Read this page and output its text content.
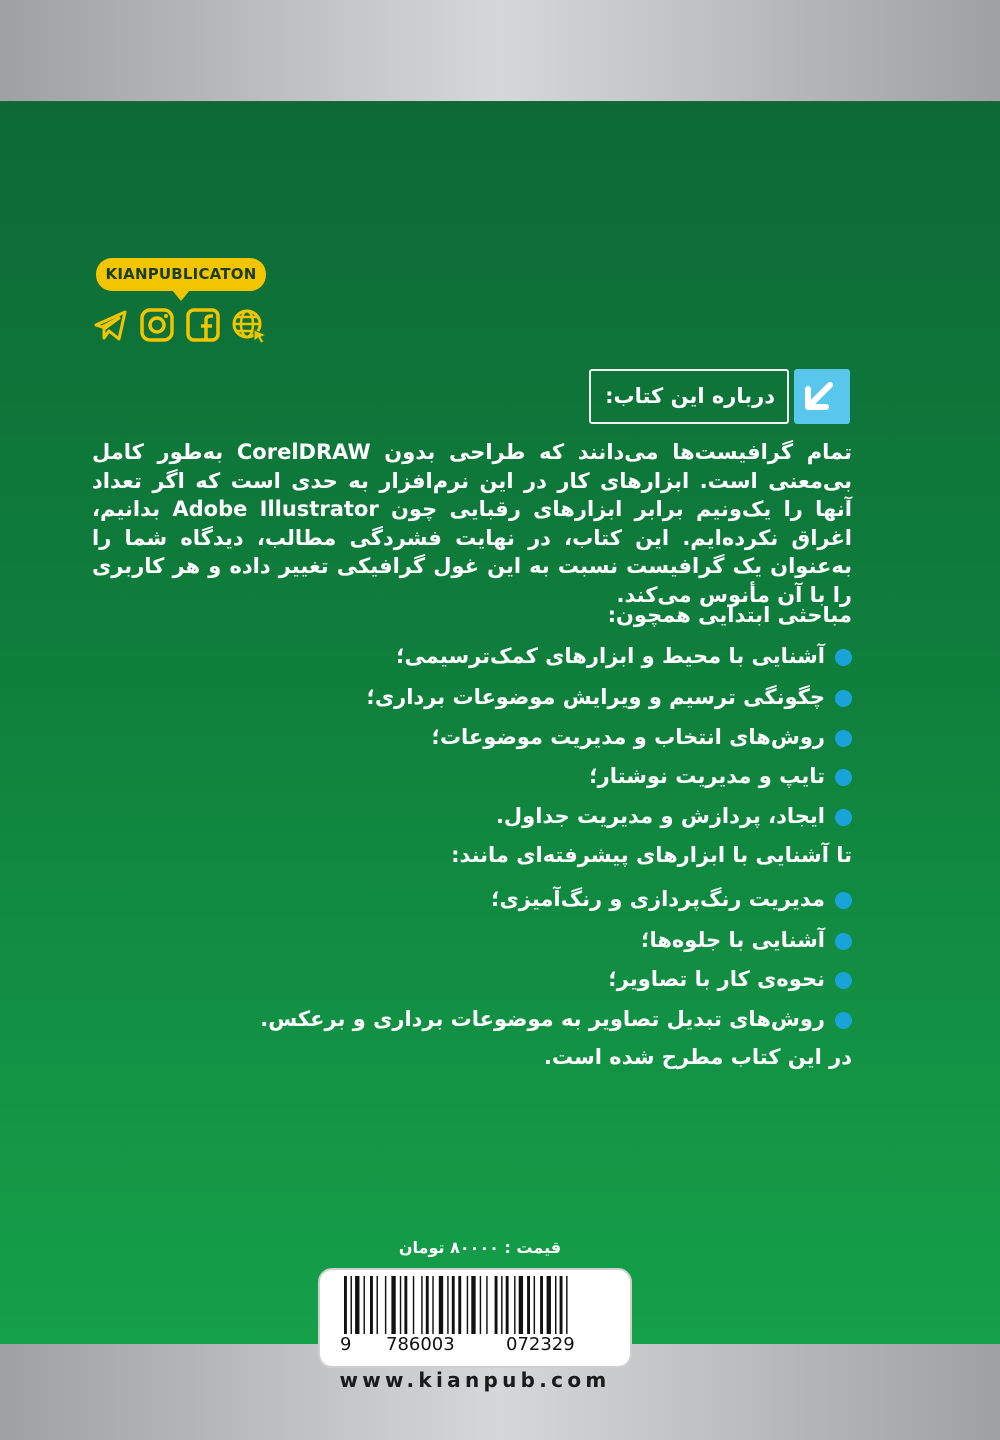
KIANPUBLICATON
درباره این کتاب:
تمام گرافیست‌ها می‌دانند که طراحی بدون CorelDRAW به‌طور کامل بی‌معنی است. ابزارهای کار در این نرم‌افزار به حدی است که اگر تعداد آنها را یک‌ونیم برابر ابزارهای رقبایی چون Adobe Illustrator بدانیم، اغراق نکرده‌ایم. این کتاب، در نهایت فشردگی مطالب، دیدگاه شما را به‌عنوان یک گرافیست نسبت به این غول گرافیکی تغییر داده و هر کاربری را با آن مأنوس می‌کند.
مباحثی ابتدایی همچون:
آشنایی با محیط و ابزارهای کمک‌ترسیمی؛
چگونگی ترسیم و ویرایش موضوعات برداری؛
روش‌های انتخاب و مدیریت موضوعات؛
تایپ و مدیریت نوشتار؛
ایجاد، پردازش و مدیریت جداول.
تا آشنایی با ابزارهای پیشرفته‌ای مانند:
مدیریت رنگ‌پردازی و رنگ‌آمیزی؛
آشنایی با جلوه‌ها؛
نحوه‌ی کار با تصاویر؛
روش‌های تبدیل تصاویر به موضوعات برداری و برعکس.
در این کتاب مطرح شده است.
قیمت : ۸۰۰۰۰ تومان
9 786003	072329
www.kianpub.com
